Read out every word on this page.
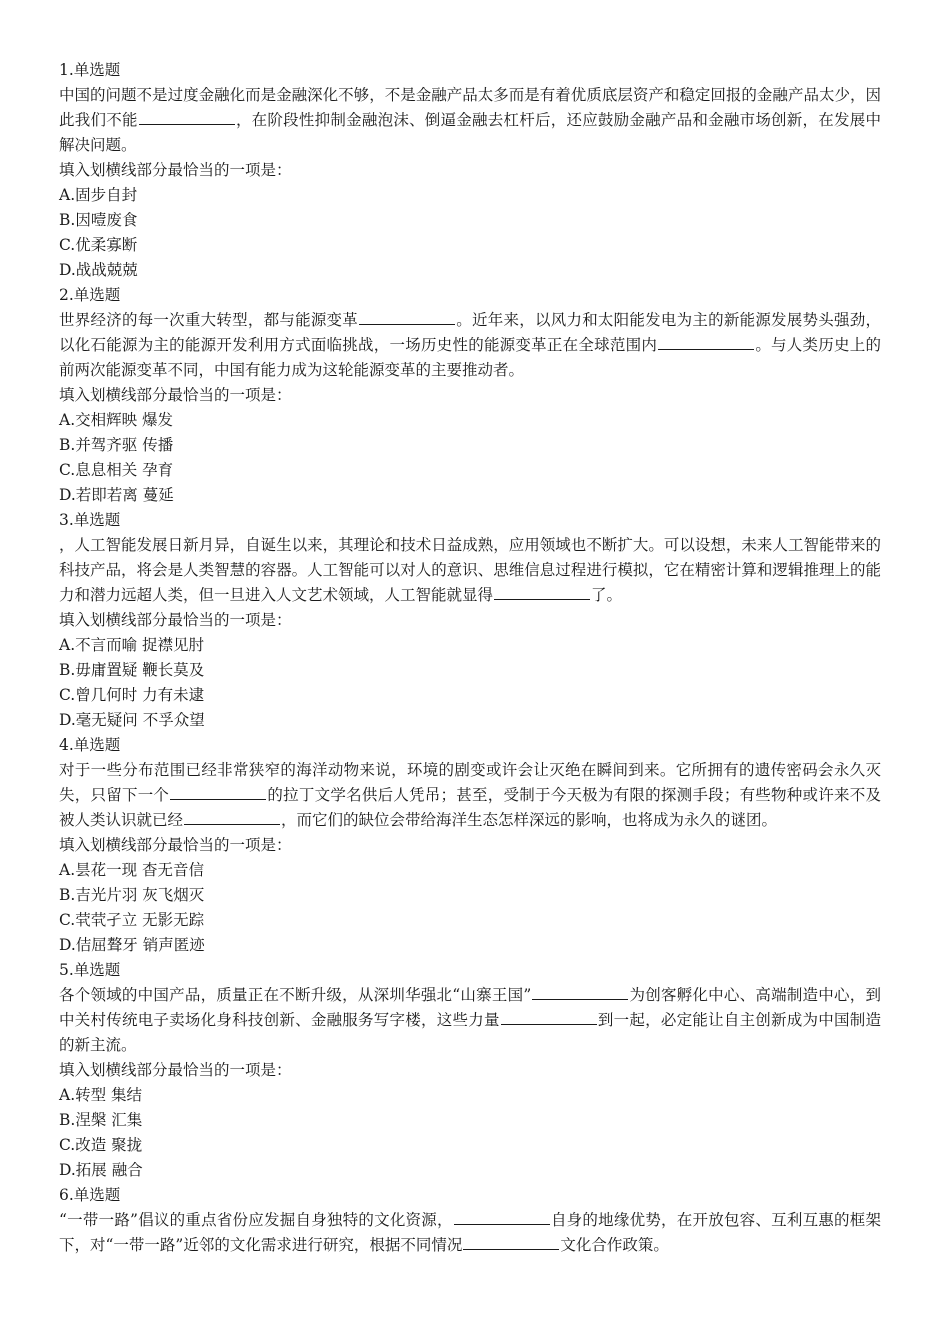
1.单选题

中国的问题不是过度金融化而是金融深化不够，不是金融产品太多而是有着优质底层资产和稳定回报的金融产品太少，因此我们不能	，在阶段性抑制金融泡沫、倒逼金融去杠杆后，还应鼓励金融产品和金融市场创新，在发展中解决问题。

填入划横线部分最恰当的一项是：

A.固步自封

B.因噎废食

C.优柔寡断

D.战战兢兢

2.单选题

世界经济的每一次重大转型，都与能源变革	。近年来，以风力和太阳能发电为主的新能源发展势头强劲，以化石能源为主的能源开发利用方式面临挑战，一场历史性的能源变革正在全球范围内	。与人类历史上的前两次能源变革不同，中国有能力成为这轮能源变革的主要推动者。

填入划横线部分最恰当的一项是：

A.交相辉映 爆发

B.并驾齐驱 传播

C.息息相关 孕育

D.若即若离 蔓延

3.单选题

，人工智能发展日新月异，自诞生以来，其理论和技术日益成熟，应用领域也不断扩大。可以设想，未来人工智能带来的科技产品，将会是人类智慧的容器。人工智能可以对人的意识、思维信息过程进行模拟，它在精密计算和逻辑推理上的能力和潜力远超人类，但一旦进入人文艺术领域，人工智能就显得	了。

填入划横线部分最恰当的一项是：

A.不言而喻 捉襟见肘

B.毋庸置疑 鞭长莫及

C.曾几何时 力有未逮

D.毫无疑问 不孚众望

4.单选题

对于一些分布范围已经非常狭窄的海洋动物来说，环境的剧变或许会让灭绝在瞬间到来。它所拥有的遗传密码会永久灭失，只留下一个	的拉丁文学名供后人凭吊；甚至，受制于今天极为有限的探测手段；有些物种或许来不及被人类认识就已经	，而它们的缺位会带给海洋生态怎样深远的影响，也将成为永久的谜团。

填入划横线部分最恰当的一项是：

A.昙花一现 杳无音信

B.吉光片羽 灰飞烟灭

C.茕茕孑立 无影无踪

D.佶屈聱牙 销声匿迹

5.单选题

各个领域的中国产品，质量正在不断升级，从深圳华强北“山寨王国”	为创客孵化中心、高端制造中心，到中关村传统电子卖场化身科技创新、金融服务写字楼，这些力量	到一起，必定能让自主创新成为中国制造的新主流。

填入划横线部分最恰当的一项是：

A.转型 集结

B.涅槃 汇集

C.改造 聚拢

D.拓展 融合

6.单选题

“一带一路”倡议的重点省份应发掘自身独特的文化资源，	自身的地缘优势，在开放包容、互利互惠的框架下，对“一带一路”近邻的文化需求进行研究，根据不同情况	文化合作政策。
